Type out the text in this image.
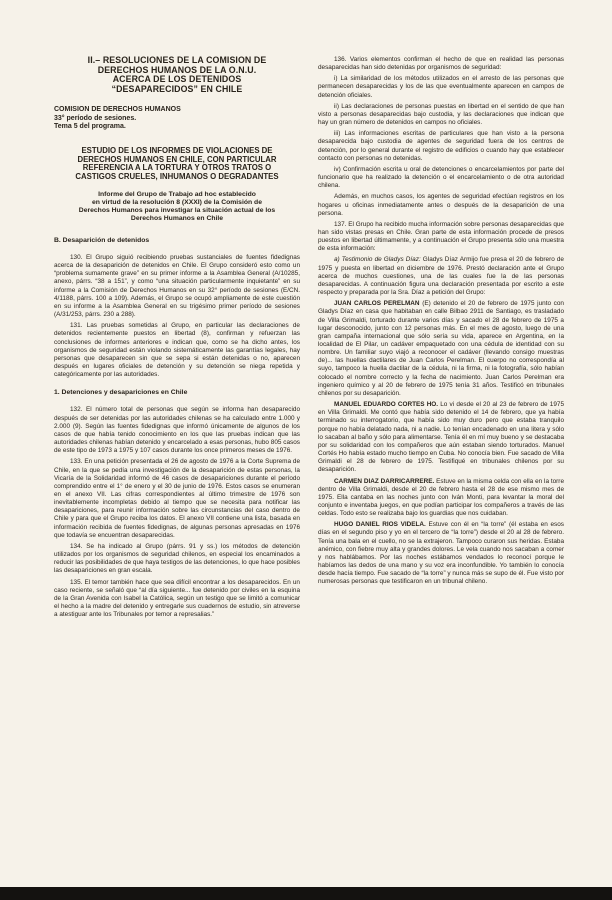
II.– RESOLUCIONES DE LA COMISION DE
DERECHOS HUMANOS DE LA O.N.U.
ACERCA DE LOS DETENIDOS
“DESAPARECIDOS” EN CHILE
COMISION DE DERECHOS HUMANOS
33° período de sesiones.
Tema 5 del programa.
ESTUDIO DE LOS INFORMES DE VIOLACIONES DE
DERECHOS HUMANOS EN CHILE, CON PARTICULAR
REFERENCIA A LA TORTURA Y OTROS TRATOS O
CASTIGOS CRUELES, INHUMANOS O DEGRADANTES
Informe del Grupo de Trabajo ad hoc establecido
en virtud de la resolución 8 (XXXI) de la Comisión de
Derechos Humanos para investigar la situación actual de los
Derechos Humanos en Chile
B. Desaparición de detenidos

130. El Grupo siguió recibiendo pruebas sustanciales de fuentes fidedignas acerca de la desaparición de detenidos en Chile. El Grupo consideró esto como un “problema sumamente grave” en su primer informe a la Asamblea General (A/10285, anexo, párrs. “38 a 151”, y como “una situación particularmente inquietante” en su informe a la Comisión de Derechos Humanos en su 32° período de sesiones (E/CN. 4/1188, párrs. 100 a 109). Además, el Grupo se ocupó ampliamente de este cuestión en su informe a la Asamblea General en su trigésimo primer período de sesiones (A/31/253, párrs. 230 a 288).

131. Las pruebas sometidas al Grupo, en particular las declaraciones de detenidos recientemente puestos en libertad (8), confirman y refuerzan las conclusiones de informes anteriores e indican que, como se ha dicho antes, los organismos de seguridad están violando sistemáticamente las garantías legales, hay personas que desaparecen sin que se sepa si están detenidas o no, aparecen después en lugares oficiales de detención y su detención se niega repetida y categóricamente por las autoridades.

1. Detenciones y desapariciones en Chile

132. El número total de personas que según se informa han desaparecido después de ser detenidas por las autoridades chilenas se ha calculado entre 1.000 y 2.000 (9). Según las fuentes fidedignas que informó únicamente de algunos de los casos de que había tenido conocimiento en los que las pruebas indican que las autoridades chilenas habían detenido y encarcelado a esas personas, hubo 805 casos de este tipo de 1973 a 1975 y 107 casos durante los once primeros meses de 1976.

133. En una petición presentada el 26 de agosto de 1976 a la Corte Suprema de Chile, en la que se pedía una investigación de la desaparición de estas personas, la Vicaría de la Solidaridad informó de 46 casos de desapariciones durante el período comprendido entre el 1° de enero y el 30 de junio de 1976. Estos casos se enumeran en el anexo VII. Las cifras correspondientes al último trimestre de 1976 son inevitablemente incompletas debido al tiempo que se necesita para notificar las desapariciones, para reunir información sobre las circunstancias del caso dentro de Chile y para que el Grupo reciba los datos. El anexo VII contiene una lista, basada en información recibida de fuentes fidedignas, de algunas personas apresadas en 1976 que todavía se encuentran desaparecidas.

134. Se ha indicado al Grupo (párrs. 91 y ss.) los métodos de detención utilizados por los organismos de seguridad chilenos, en especial los encaminados a reducir las posibilidades de que haya testigos de las detenciones, lo que hace posibles las desapariciones en gran escala.

135. El temor también hace que sea difícil encontrar a los desaparecidos. En un caso reciente, se señaló que “al día siguiente... fue detenido por civiles en la esquina de la Gran Avenida con Isabel la Católica, según un testigo que se limitó a comunicar el hecho a la madre del detenido y entregarle sus cuadernos de estudio, sin atreverse a atestiguar ante los Tribunales por temor a represalias.”

136. Varios elementos confirman el hecho de que en realidad las personas desaparecidas han sido detenidas por organismos de seguridad:

i) La similaridad de los métodos utilizados en el arresto de las personas que permanecen desaparecidas y los de las que eventualmente aparecen en campos de detención oficiales.

ii) Las declaraciones de personas puestas en libertad en el sentido de que han visto a personas desaparecidas bajo custodia, y las declaraciones que indican que hay un gran número de detenidos en campos no oficiales.

iii) Las informaciones escritas de particulares que han visto a la persona desaparecida bajo custodia de agentes de seguridad fuera de los centros de detención, por lo general durante el registro de edificios o cuando hay que establecer contacto con personas no detenidas.

iv) Confirmación escrita u oral de detenciones o encarcelamientos por parte del funcionario que ha realizado la detención o el encarcelamiento o de otra autoridad chilena.

Además, en muchos casos, los agentes de seguridad efectúan registros en los hogares u oficinas inmediatamente antes o después de la desaparición de una persona.

137. El Grupo ha recibido mucha información sobre personas desaparecidas que han sido vistas presas en Chile. Gran parte de esta información procede de presos puestos en libertad últimamente, y a continuación el Grupo presenta sólo una muestra de esta información:

a) Testimonio de Gladys Díaz: Gladys Díaz Armijo fue presa el 20 de febrero de 1975 y puesta en libertad en diciembre de 1976. Prestó declaración ante el Grupo acerca de muchos cuestiones, una de las cuales fue la de las personas desaparecidas. A continuación figura una declaración presentada por escrito a este respecto y preparada por la Sra. Díaz a petición del Grupo:

JUAN CARLOS PERELMAN (E) detenido el 20 de febrero de 1975 junto con Gladys Díaz en casa que habitaban en calle Bilbao 2911 de Santiago, es trasladado de Villa Grimaldi, torturado durante varios días y sacado el 28 de febrero de 1975 a lugar desconocido, junto con 12 personas más. En el mes de agosto, luego de una gran campaña internacional que sólo sería su vida, aparece en Argentina, en la localidad de El Pilar, un cadáver empaquetado con una cédula de identidad con su nombre. Un familiar suyo viajó a reconocer el cadáver (llevando consigo muestras de)... las huellas dactilares de Juan Carlos Perelman. El cuerpo no correspondía al suyo, tampoco la huella dactilar de la cédula, ni la firma, ni la fotografía, sólo habían colocado el nombre correcto y la fecha de nacimiento. Juan Carlos Perelman era ingeniero químico y al 20 de febrero de 1975 tenía 31 años. Testificó en tribunales chilenos por su desaparición.

MANUEL EDUARDO CORTES HO. Lo vi desde el 20 al 23 de febrero de 1975 en Villa Grimaldi. Me contó que había sido detenido el 14 de febrero, que ya había terminado su interrogatorio, que había sido muy duro pero que estaba tranquilo porque no había delatado nada, ni a nadie. Lo tenían encadenado en una litera y sólo lo sacaban al baño y sólo para alimentarse. Tenía él en mí muy bueno y se destacaba por su solidaridad con los compañeros que aún estaban siendo torturados. Manuel Cortés Ho había estado mucho tiempo en Cuba. No conocía bien. Fue sacado de Villa Grimaldi el 28 de febrero de 1975. Testifiqué en tribunales chilenos por su desaparición.

CARMEN DIAZ DARRICARRERE. Estuve en la misma celda con ella en la torre dentro de Villa Grimaldi, desde el 20 de febrero hasta el 28 de ese mismo mes de 1975. Ella cantaba en las noches junto con Iván Monti, para levantar la moral del conjunto e inventaba juegos, en que podían participar los compañeros a través de las celdas. Todo esto se realizaba bajo los guardias que nos cuidaban.

HUGO DANIEL RIOS VIDELA. Estuve con él en “la torre” (él estaba en esos días en el segundo piso y yo en el tercero de “la torre”) desde el 20 al 28 de febrero. Tenía una bala en el cuello, no se la extrajeron. Tampoco curaron sus heridas. Estaba anémico, con fiebre muy alta y grandes dolores. Le vela cuando nos sacaban a comer y nos hablábamos. Por las noches estábamos vendados lo reconocí porque le habíamos las dedos de una mano y su voz era inconfundible. Yo también lo conocía desde hacía tiempo. Fue sacado de “la torre” y nunca más se supo de él. Fue visto por numerosas personas que testificaron en un tribunal chileno.
